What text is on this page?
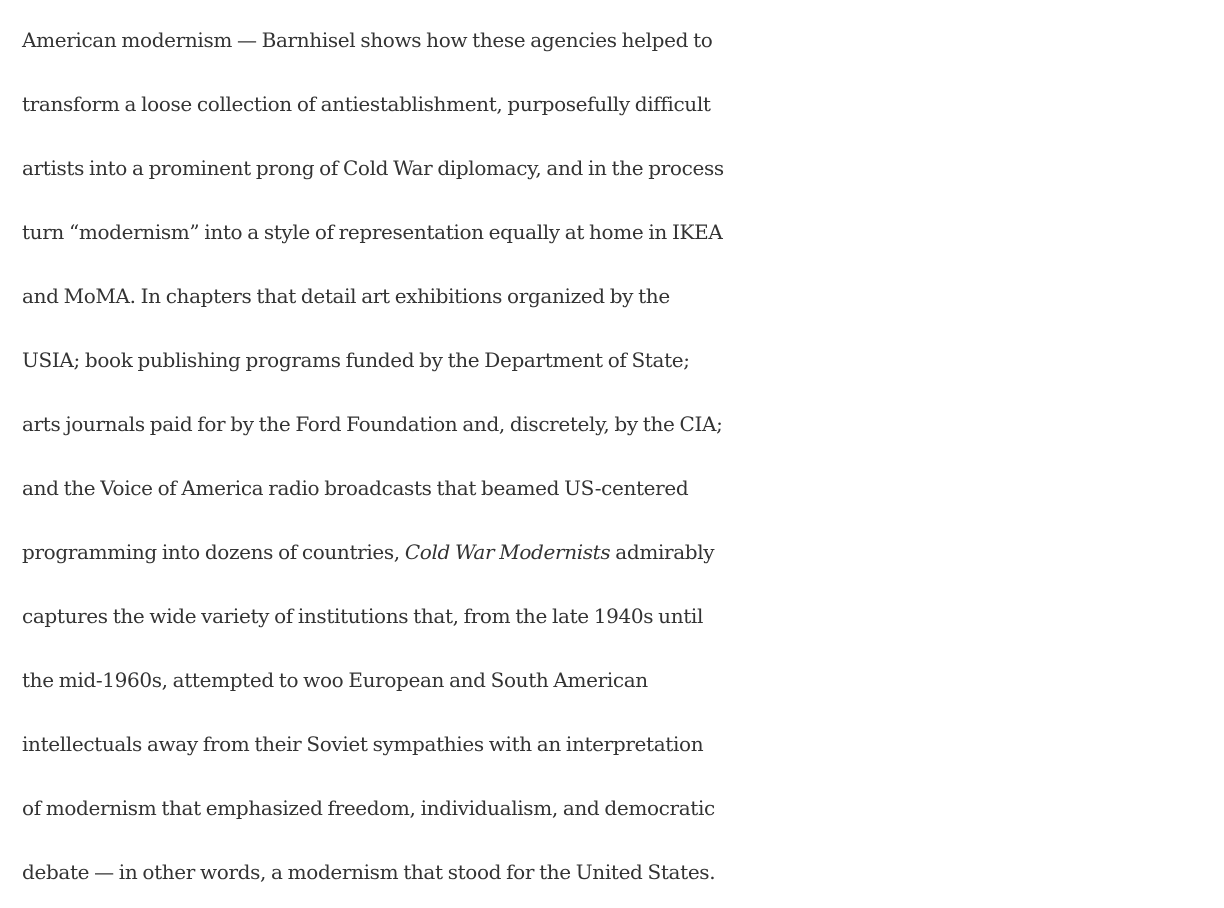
American modernism — Barnhisel shows how these agencies helped to
transform a loose collection of antiestablishment, purposefully difficult
artists into a prominent prong of Cold War diplomacy, and in the process
turn “modernism” into a style of representation equally at home in IKEA
and MoMA. In chapters that detail art exhibitions organized by the
USIA; book publishing programs funded by the Department of State;
arts journals paid for by the Ford Foundation and, discretely, by the CIA;
and the Voice of America radio broadcasts that beamed US-centered
programming into dozens of countries, Cold War Modernists admirably
captures the wide variety of institutions that, from the late 1940s until
the mid-1960s, attempted to woo European and South American
intellectuals away from their Soviet sympathies with an interpretation
of modernism that emphasized freedom, individualism, and democratic
debate — in other words, a modernism that stood for the United States.
